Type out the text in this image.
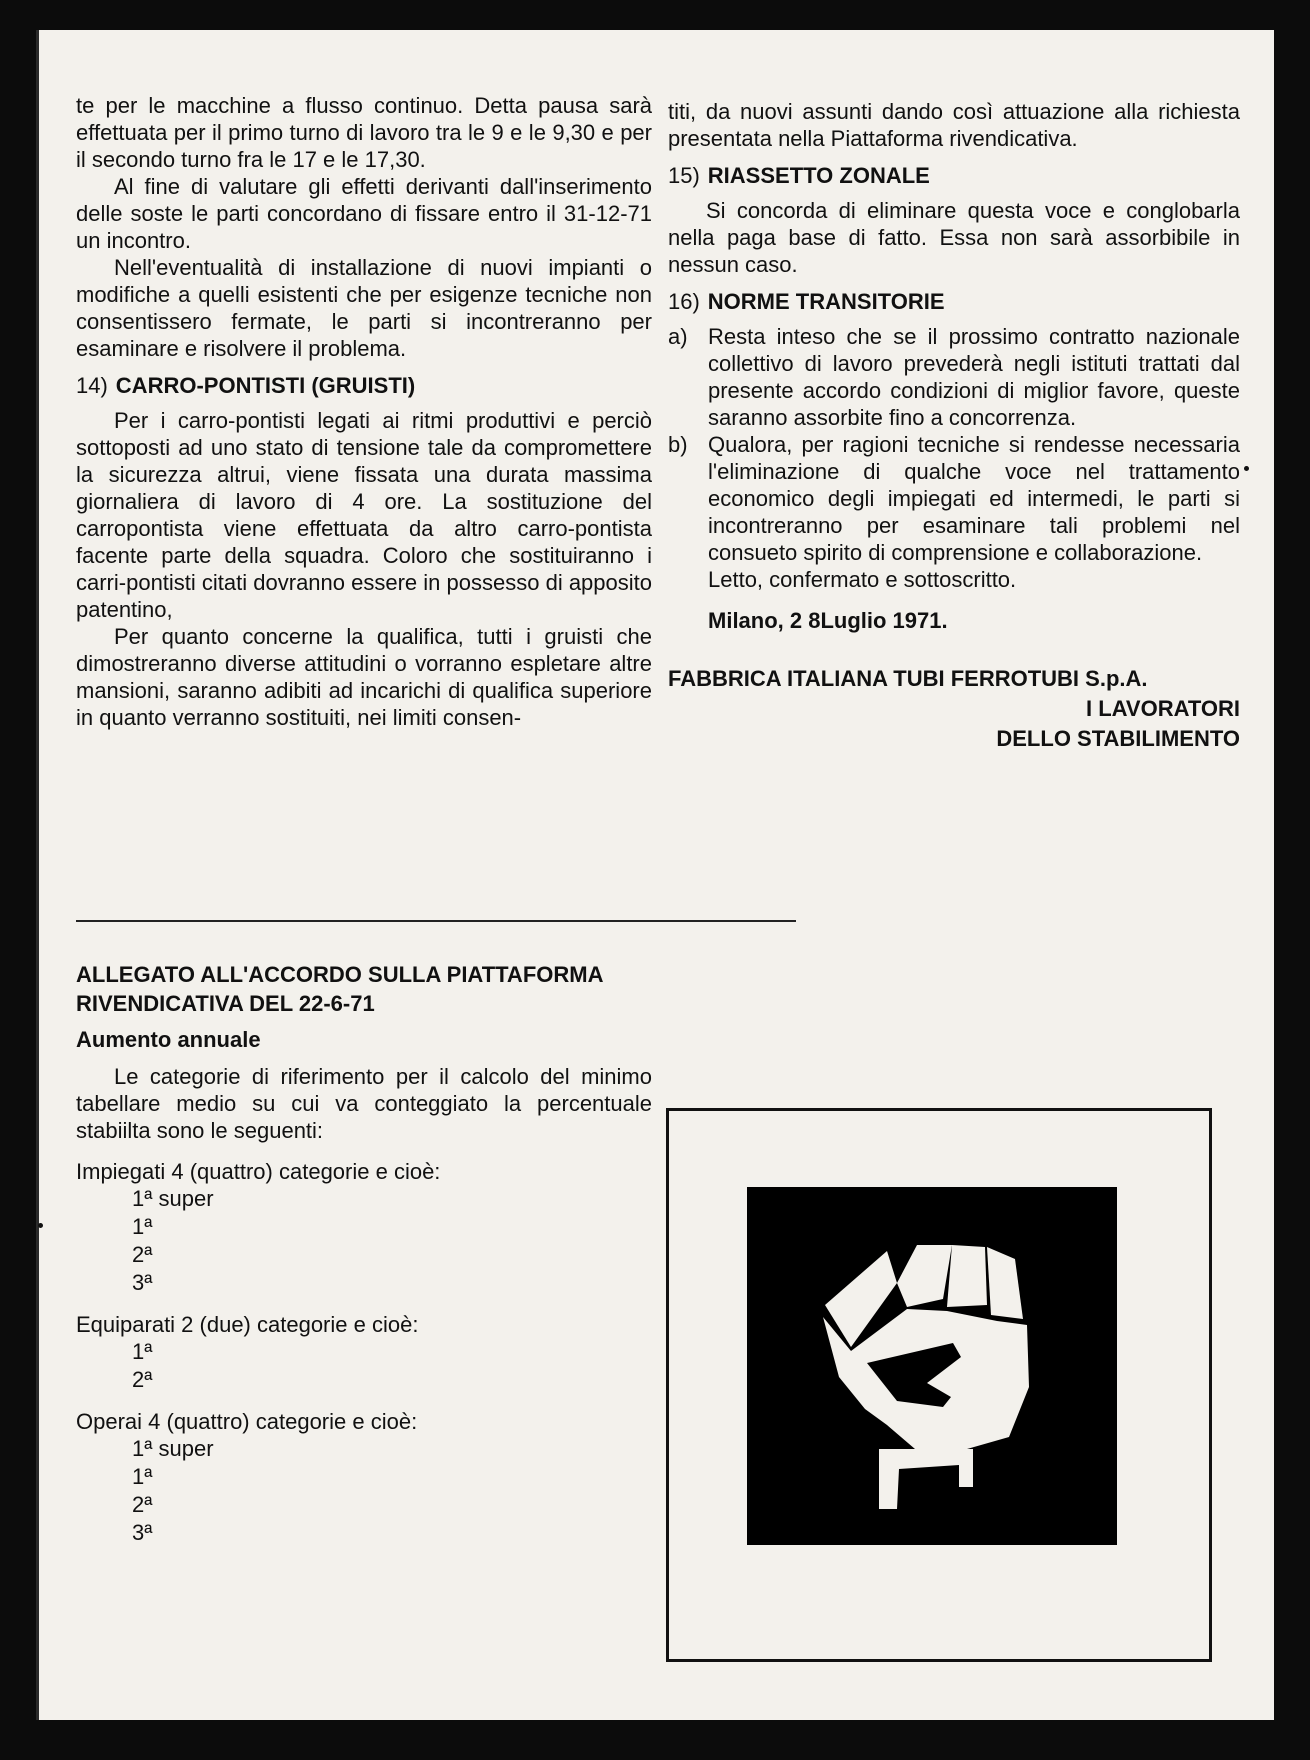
te per le macchine a flusso continuo. Detta pausa sarà effettuata per il primo turno di lavoro tra le 9 e le 9,30 e per il secondo turno fra le 17 e le 17,30.

Al fine di valutare gli effetti derivanti dall'inserimento delle soste le parti concordano di fissare entro il 31-12-71 un incontro.

Nell'eventualità di installazione di nuovi impianti o modifiche a quelli esistenti che per esigenze tecniche non consentissero fermate, le parti si incontreranno per esaminare e risolvere il problema.

14) CARRO-PONTISTI (GRUISTI)

Per i carro-pontisti legati ai ritmi produttivi e perciò sottoposti ad uno stato di tensione tale da compromettere la sicurezza altrui, viene fissata una durata massima giornaliera di lavoro di 4 ore. La sostituzione del carropontista viene effettuata da altro carro-pontista facente parte della squadra. Coloro che sostituiranno i carri-pontisti citati dovranno essere in possesso di apposito patentino,

Per quanto concerne la qualifica, tutti i gruisti che dimostreranno diverse attitudini o vorranno espletare altre mansioni, saranno adibiti ad incarichi di qualifica superiore in quanto verranno sostituiti, nei limiti consen-

titi, da nuovi assunti dando così attuazione alla richiesta presentata nella Piattaforma rivendicativa.

15) RIASSETTO ZONALE

Si concorda di eliminare questa voce e conglobarla nella paga base di fatto. Essa non sarà assorbibile in nessun caso.

16) NORME TRANSITORIE
a) Resta inteso che se il prossimo contratto nazionale collettivo di lavoro prevederà negli istituti trattati dal presente accordo condizioni di miglior favore, queste saranno assorbite fino a concorrenza.
b) Qualora, per ragioni tecniche si rendesse necessaria l'eliminazione di qualche voce nel trattamento economico degli impiegati ed intermedi, le parti si incontreranno per esaminare tali problemi nel consueto spirito di comprensione e collaborazione.

Letto, confermato e sottoscritto.

Milano, 2 8Luglio 1971.
FABBRICA ITALIANA TUBI FERROTUBI S.p.A.
I LAVORATORI
DELLO STABILIMENTO
ALLEGATO ALL'ACCORDO SULLA PIATTAFORMA RIVENDICATIVA DEL 22-6-71
Aumento annuale

Le categorie di riferimento per il calcolo del minimo tabellare medio su cui va conteggiato la percentuale stabiilta sono le seguenti:

Impiegati 4 (quattro) categorie e cioè:
1ª super
1ª
2ª
3ª
Equiparati 2 (due) categorie e cioè:
1ª
2ª
Operai 4 (quattro) categorie e cioè:
1ª super
1ª
2ª
3ª
